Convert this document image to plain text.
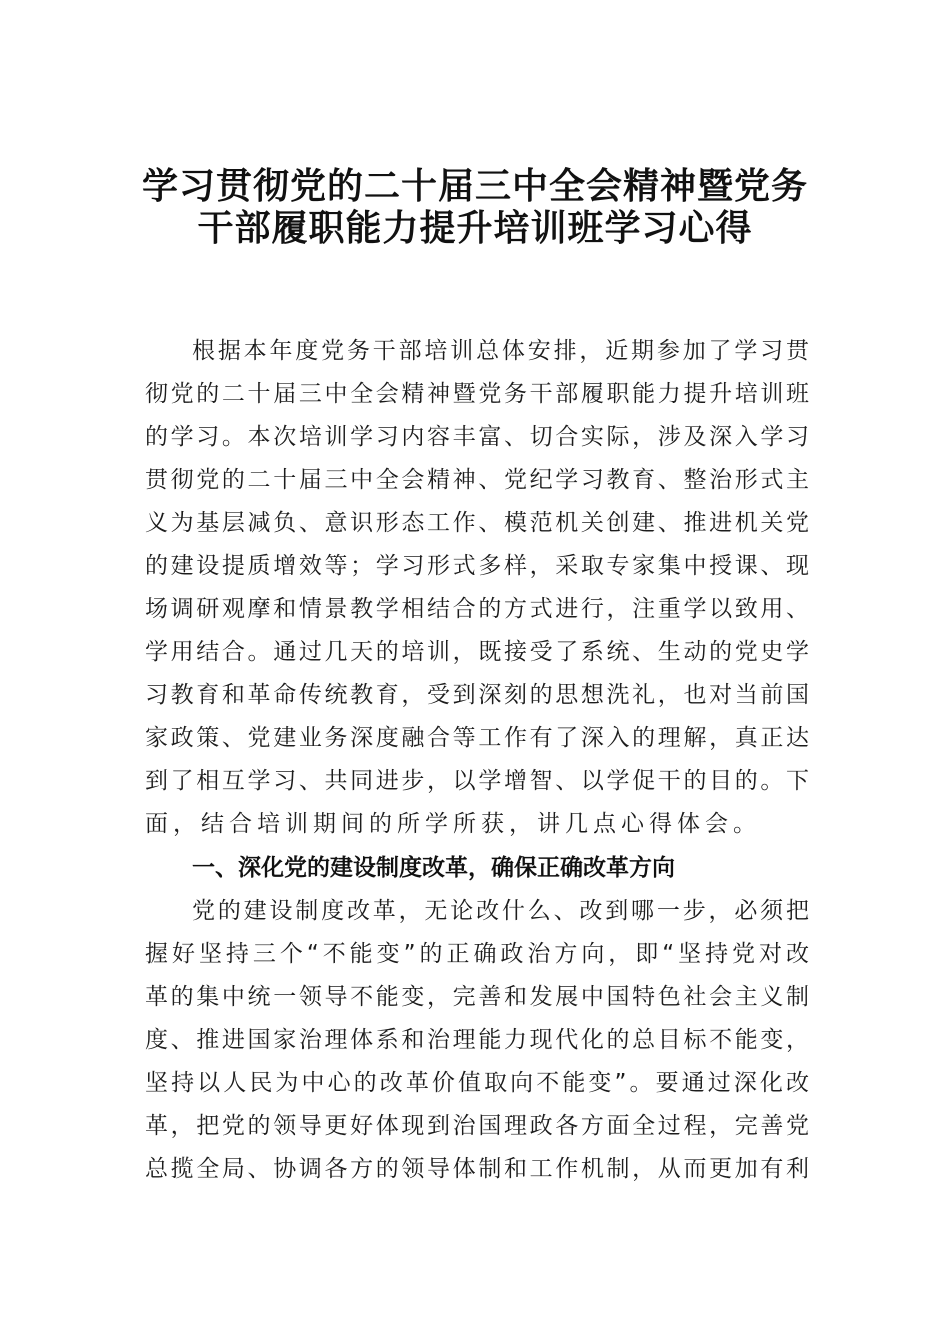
学习贯彻党的二十届三中全会精神暨党务
干部履职能力提升培训班学习心得
根据本年度党务干部培训总体安排，近期参加了学习贯
彻党的二十届三中全会精神暨党务干部履职能力提升培训班
的学习。本次培训学习内容丰富、切合实际，涉及深入学习
贯彻党的二十届三中全会精神、党纪学习教育、整治形式主
义为基层减负、意识形态工作、模范机关创建、推进机关党
的建设提质增效等；学习形式多样，采取专家集中授课、现
场调研观摩和情景教学相结合的方式进行，注重学以致用、
学用结合。通过几天的培训，既接受了系统、生动的党史学
习教育和革命传统教育，受到深刻的思想洗礼，也对当前国
家政策、党建业务深度融合等工作有了深入的理解，真正达
到了相互学习、共同进步，以学增智、以学促干的目的。下
面，结合培训期间的所学所获，讲几点心得体会。
一、深化党的建设制度改革，确保正确改革方向
党的建设制度改革，无论改什么、改到哪一步，必须把
握好坚持三个“不能变”的正确政治方向，即“坚持党对改
革的集中统一领导不能变，完善和发展中国特色社会主义制
度、推进国家治理体系和治理能力现代化的总目标不能变，
坚持以人民为中心的改革价值取向不能变”。要通过深化改
革，把党的领导更好体现到治国理政各方面全过程，完善党
总揽全局、协调各方的领导体制和工作机制，从而更加有利
